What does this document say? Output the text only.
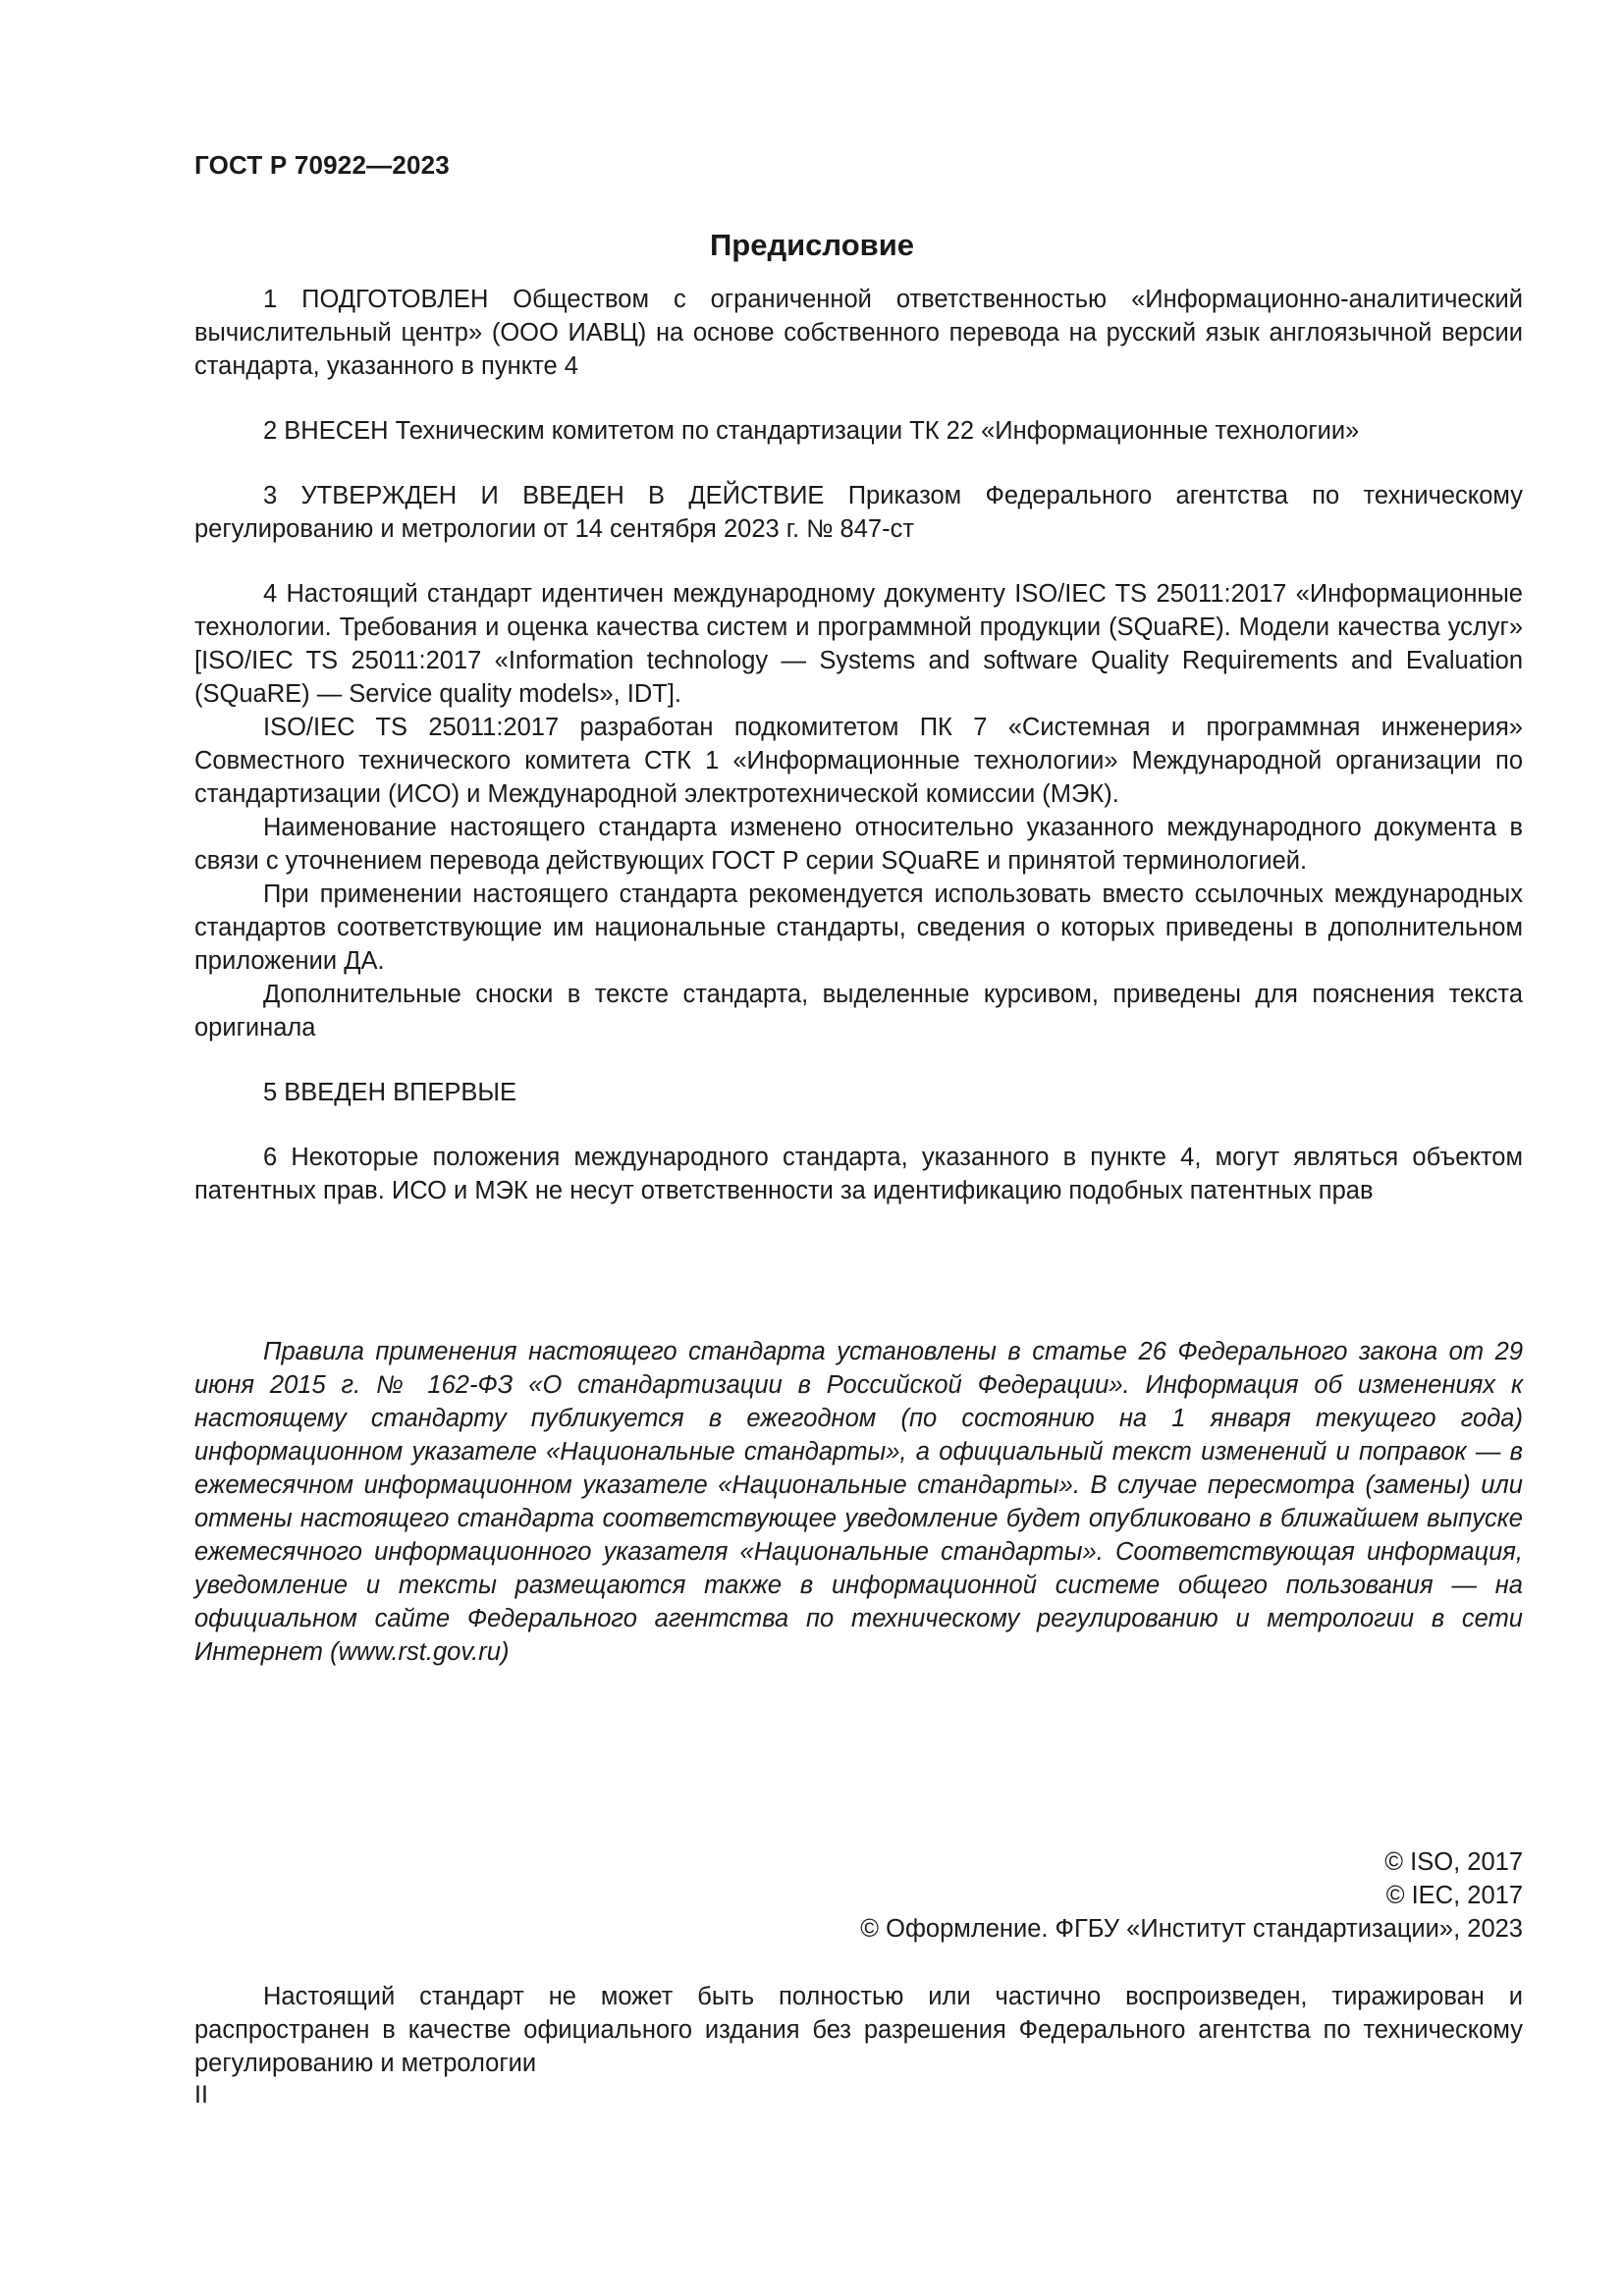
ГОСТ Р 70922—2023
Предисловие

1 ПОДГОТОВЛЕН Обществом с ограниченной ответственностью «Информационно-аналитический вычислительный центр» (ООО ИАВЦ) на основе собственного перевода на русский язык англоязычной версии стандарта, указанного в пункте 4

2 ВНЕСЕН Техническим комитетом по стандартизации ТК 22 «Информационные технологии»

3 УТВЕРЖДЕН И ВВЕДЕН В ДЕЙСТВИЕ Приказом Федерального агентства по техническому регулированию и метрологии от 14 сентября 2023 г. № 847-ст

4 Настоящий стандарт идентичен международному документу ISO/IEC TS 25011:2017 «Информационные технологии. Требования и оценка качества систем и программной продукции (SQuaRE). Модели качества услуг» [ISO/IEC TS 25011:2017 «Information technology — Systems and software Quality Requirements and Evaluation (SQuaRE) — Service quality models», IDT].

ISO/IEC TS 25011:2017 разработан подкомитетом ПК 7 «Системная и программная инженерия» Совместного технического комитета СТК 1 «Информационные технологии» Международной организации по стандартизации (ИСО) и Международной электротехнической комиссии (МЭК).

Наименование настоящего стандарта изменено относительно указанного международного документа в связи с уточнением перевода действующих ГОСТ Р серии SQuaRE и принятой терминологией.

При применении настоящего стандарта рекомендуется использовать вместо ссылочных международных стандартов соответствующие им национальные стандарты, сведения о которых приведены в дополнительном приложении ДА.

Дополнительные сноски в тексте стандарта, выделенные курсивом, приведены для пояснения текста оригинала

5 ВВЕДЕН ВПЕРВЫЕ

6 Некоторые положения международного стандарта, указанного в пункте 4, могут являться объектом патентных прав. ИСО и МЭК не несут ответственности за идентификацию подобных патентных прав

Правила применения настоящего стандарта установлены в статье 26 Федерального закона от 29 июня 2015 г. № 162-ФЗ «О стандартизации в Российской Федерации». Информация об изменениях к настоящему стандарту публикуется в ежегодном (по состоянию на 1 января текущего года) информационном указателе «Национальные стандарты», а официальный текст изменений и поправок — в ежемесячном информационном указателе «Национальные стандарты». В случае пересмотра (замены) или отмены настоящего стандарта соответствующее уведомление будет опубликовано в ближайшем выпуске ежемесячного информационного указателя «Национальные стандарты». Соответствующая информация, уведомление и тексты размещаются также в информационной системе общего пользования — на официальном сайте Федерального агентства по техническому регулированию и метрологии в сети Интернет (www.rst.gov.ru)

© ISO, 2017
© IEC, 2017
© Оформление. ФГБУ «Институт стандартизации», 2023

Настоящий стандарт не может быть полностью или частично воспроизведен, тиражирован и распространен в качестве официального издания без разрешения Федерального агентства по техническому регулированию и метрологии

II
